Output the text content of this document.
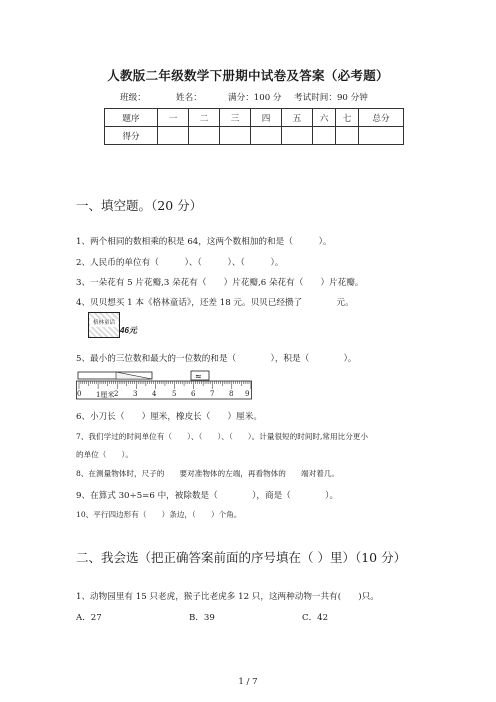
人教版二年级数学下册期中试卷及答案（必考题）
班级：	姓名：	满分：100 分 考试时间：90 分钟
题序	一	二	三	四	五	六	七	总分
得分								
一、填空题。（20 分）
1、两个相同的数相乘的积是 64，这两个数相加的和是（　　　）。
2、人民币的单位有（　　　）、（　　　）、（　　　）。
3、一朵花有 5 片花瓣,3 朵花有（　　）片花瓣,6 朵花有（　　）片花瓣。
4、贝贝想买 1 本《格林童话》，还差 18 元。贝贝已经攒了　　　　元。
格林童话
46元
5、最小的三位数和最大的一位数的和是（　　　　），积是（　　　　）。
≈
0 1厘米 2 3 4 5 6 7 8 9
6、小刀长（　　）厘米，橡皮长（　　）厘米。
7、我们学过的时间单位有（　　）、（　　）、（　　）。计量很短的时间时,常用比分更小
的单位（　　）。
8、在测量物体时，尺子的　　要对准物体的左端，再看物体的　　端对着几。
9、在算式 30÷5=6 中，被除数是（　　　　），商是（　　　　）。
10、平行四边形有（　　）条边，（　　）个角。
二、我会选（把正确答案前面的序号填在（ ）里）（10 分）
1、动物园里有 15 只老虎，猴子比老虎多 12 只，这两种动物一共有(　　)只。
A．27	B．39	C．42
1 / 7
